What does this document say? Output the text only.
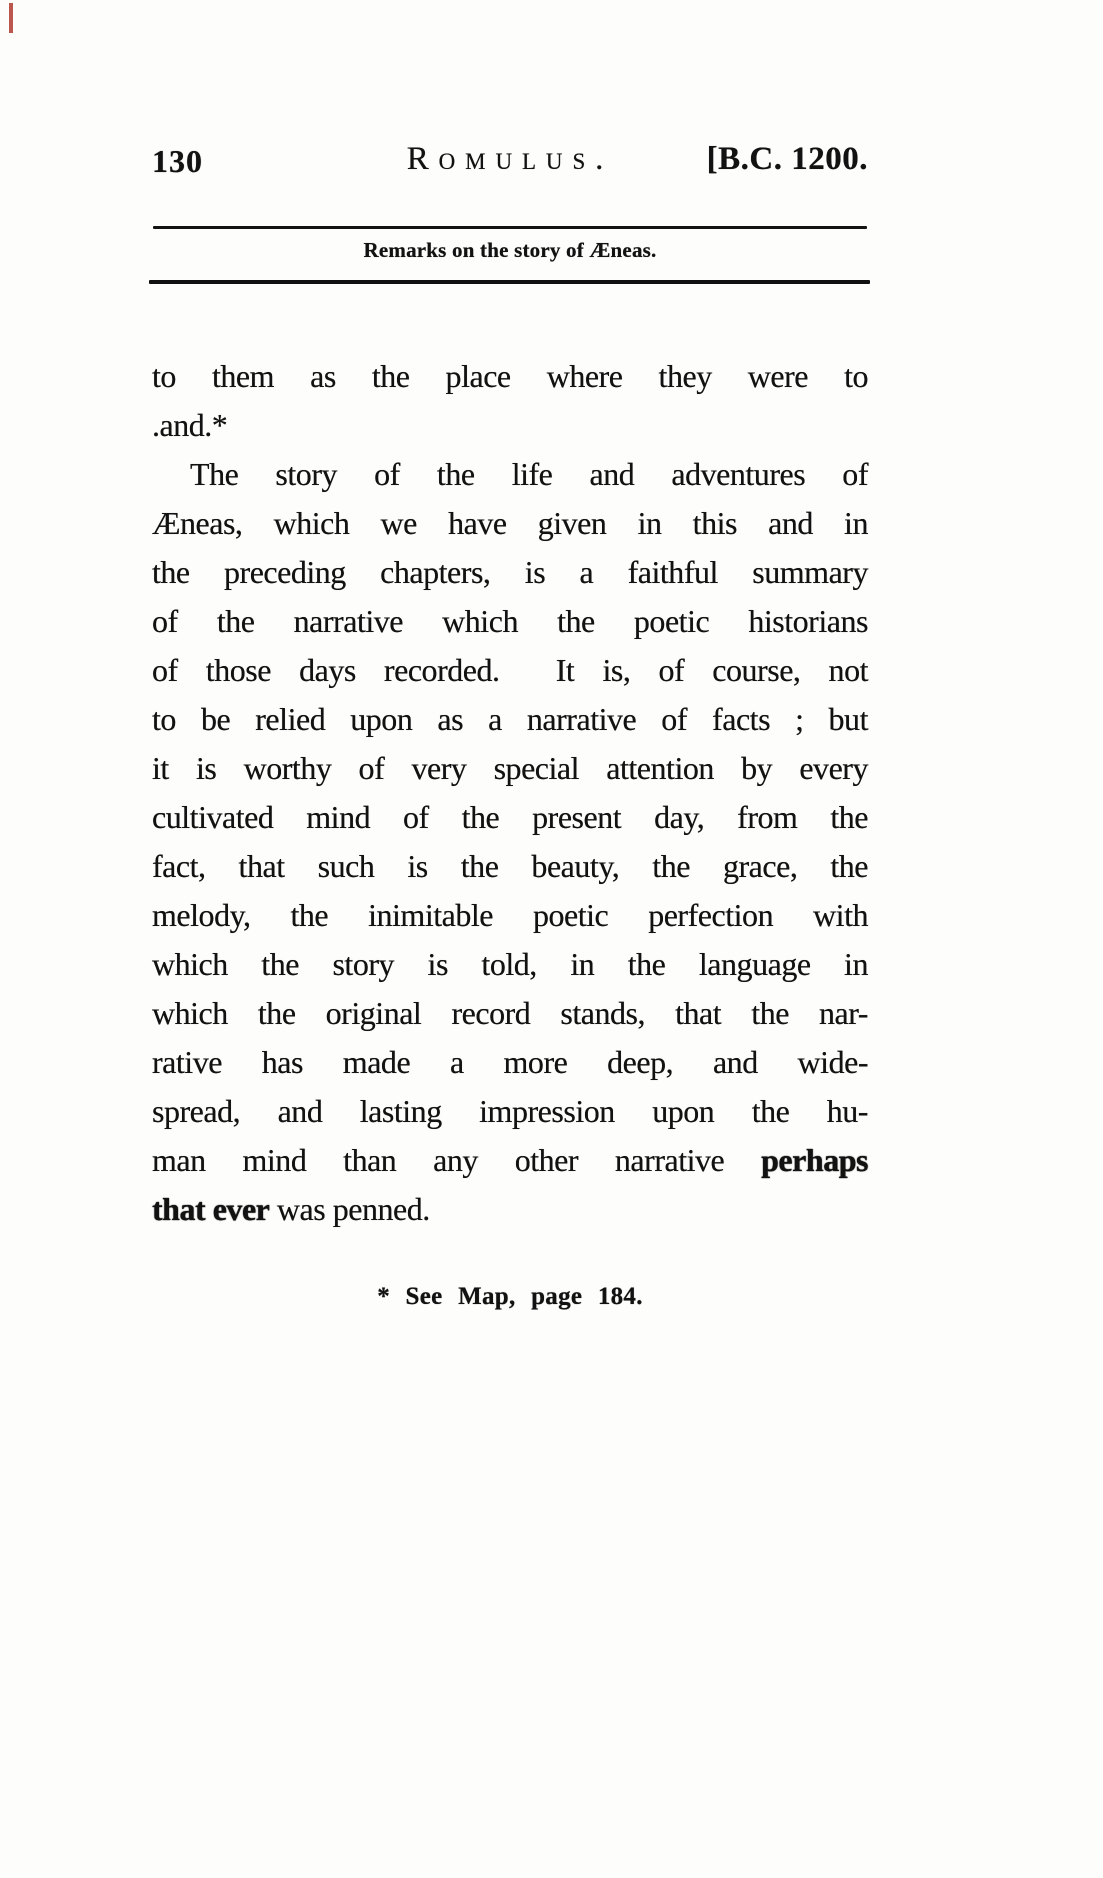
130	Romulus.	[B.C. 1200.
Remarks on the story of Æneas.
to them as the place where they were to
.and.*
The story of the life and adventures of
Æneas, which we have given in this and in
the preceding chapters, is a faithful summary
of the narrative which the poetic historians
of those days recorded.  It is, of course, not
to be relied upon as a narrative of facts ; but
it is worthy of very special attention by every
cultivated mind of the present day, from the
fact, that such is the beauty, the grace, the
melody, the inimitable poetic perfection with
which the story is told, in the language in
which the original record stands, that the nar-
rative has made a more deep, and wide-
spread, and lasting impression upon the hu-
man mind than any other narrative perhaps
that ever was penned.
* See Map, page 184.
